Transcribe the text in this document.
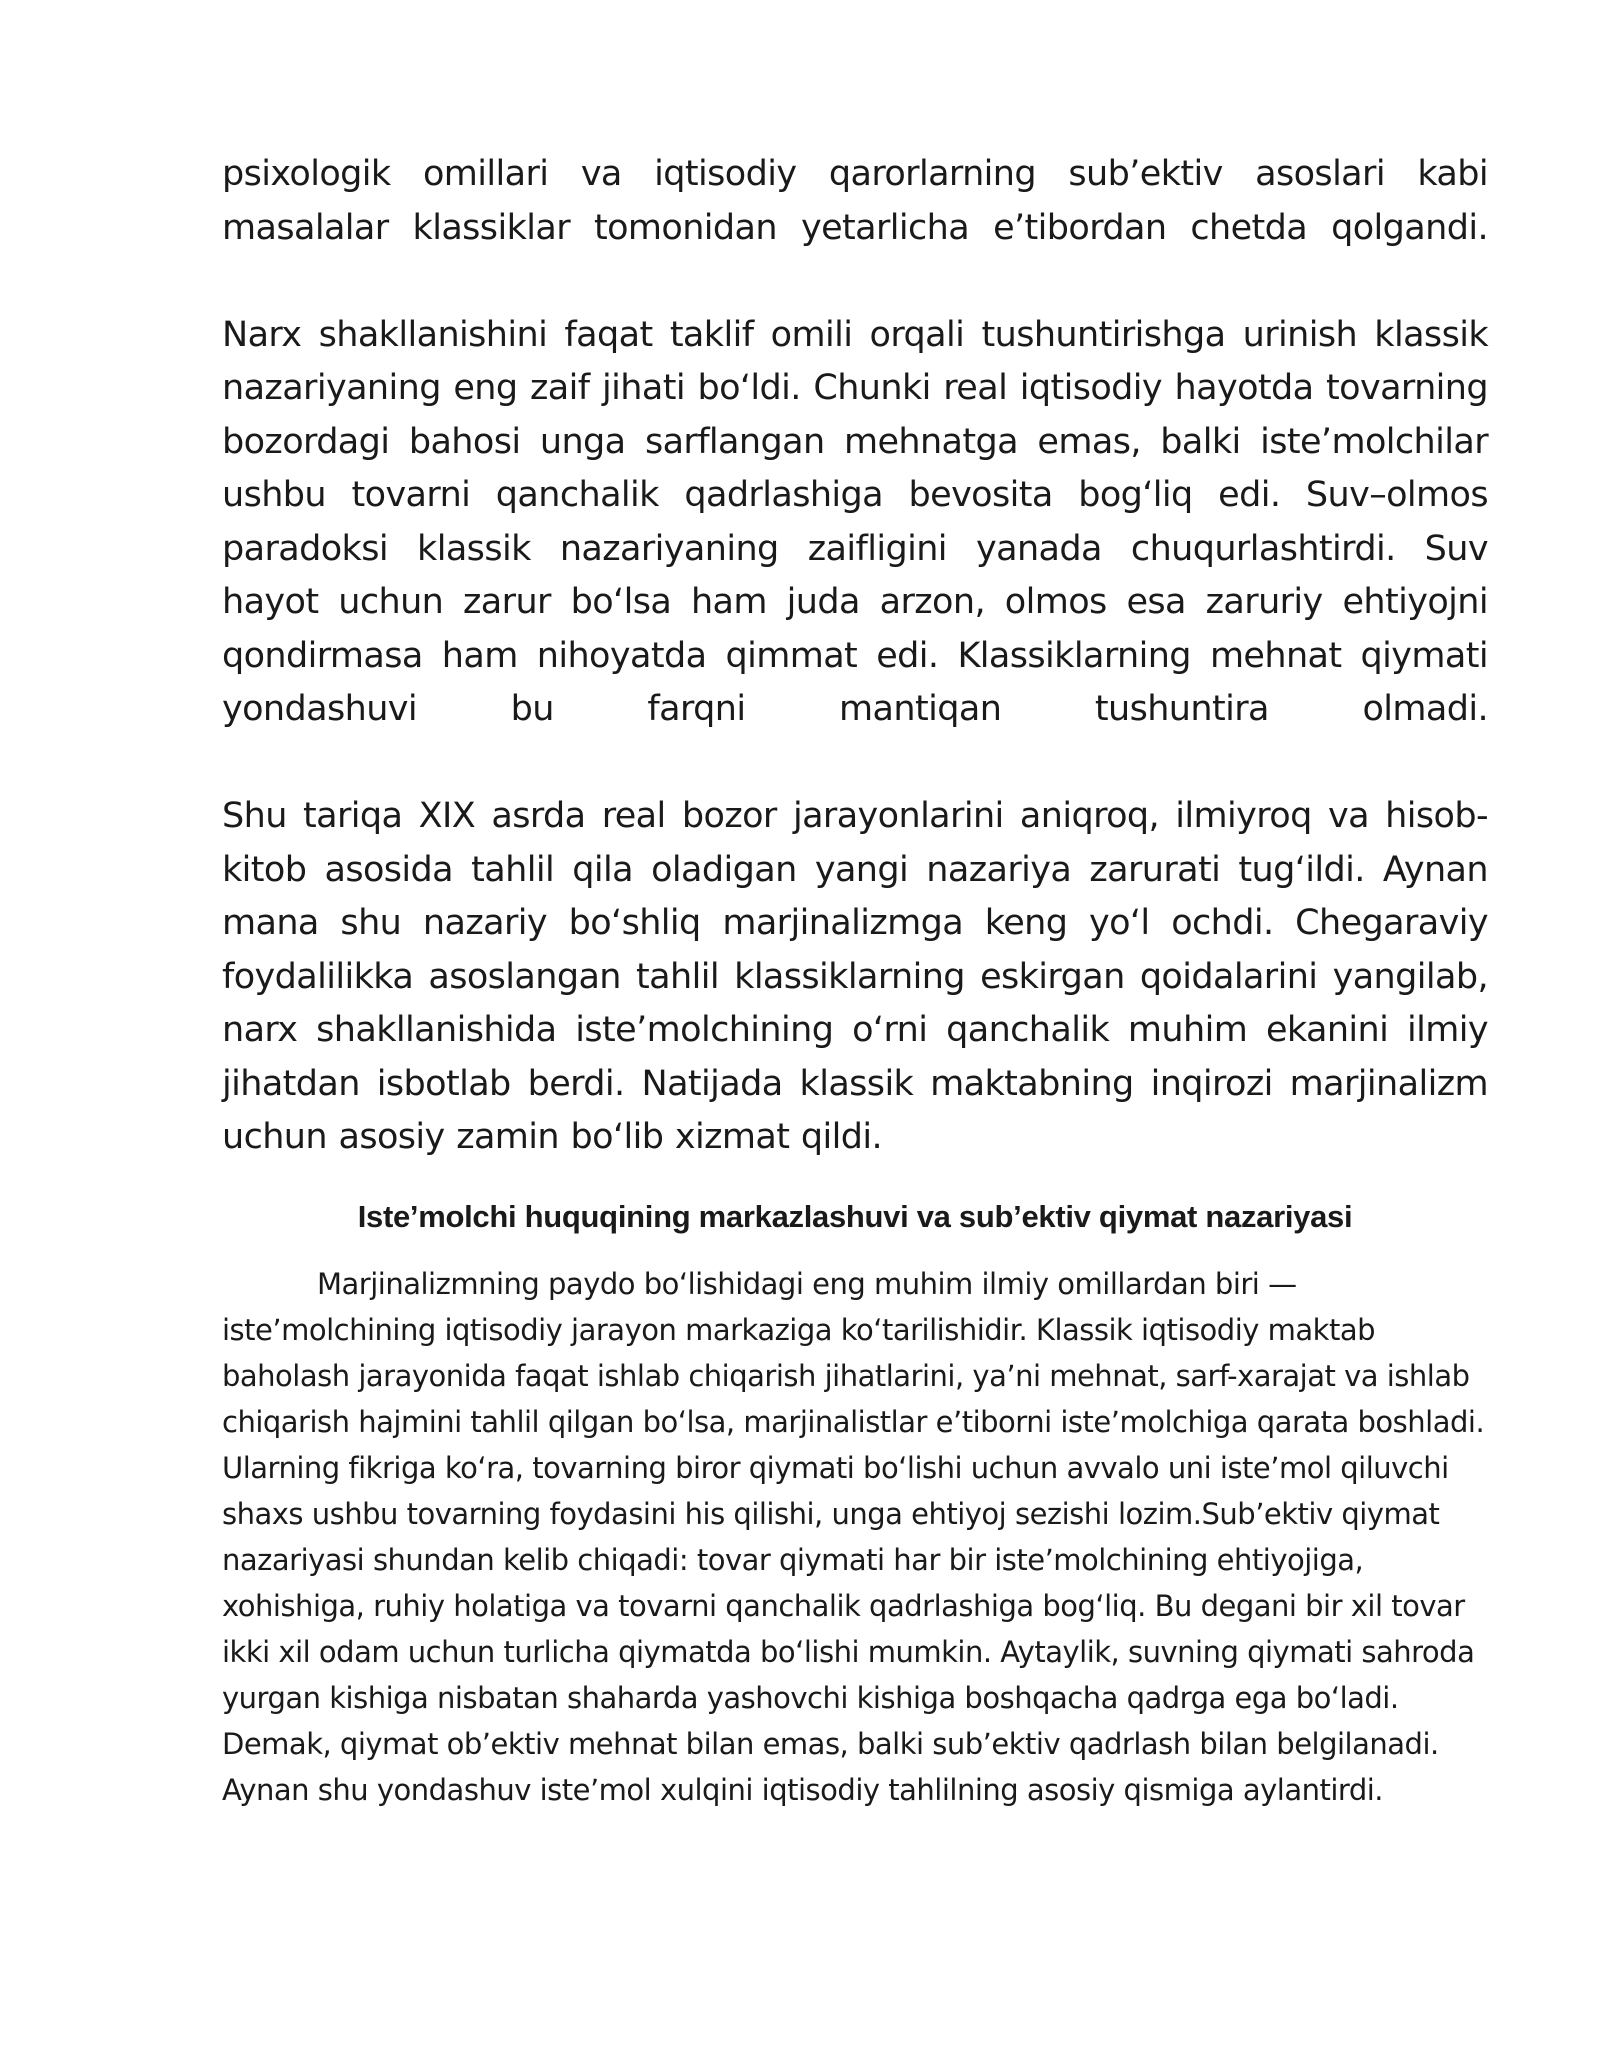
psixologik omillari va iqtisodiy qarorlarning sub’ektiv asoslari kabi masalalar klassiklar tomonidan yetarlicha e’tibordan chetda qolgandi.

Narx shakllanishini faqat taklif omili orqali tushuntirishga urinish klassik nazariyaning eng zaif jihati bo‘ldi. Chunki real iqtisodiy hayotda tovarning bozordagi bahosi unga sarflangan mehnatga emas, balki iste’molchilar ushbu tovarni qanchalik qadrlashiga bevosita bog‘liq edi. Suv–olmos paradoksi klassik nazariyaning zaifligini yanada chuqurlashtirdi. Suv hayot uchun zarur bo‘lsa ham juda arzon, olmos esa zaruriy ehtiyojni qondirmasa ham nihoyatda qimmat edi. Klassiklarning mehnat qiymati yondashuvi bu farqni mantiqan tushuntira olmadi.

Shu tariqa XIX asrda real bozor jarayonlarini aniqroq, ilmiyroq va hisob-kitob asosida tahlil qila oladigan yangi nazariya zarurati tug‘ildi. Aynan mana shu nazariy bo‘shliq marjinalizmga keng yo‘l ochdi. Chegaraviy foydalilikka asoslangan tahlil klassiklarning eskirgan qoidalarini yangilab, narx shakllanishida iste’molchining o‘rni qanchalik muhim ekanini ilmiy jihatdan isbotlab berdi. Natijada klassik maktabning inqirozi marjinalizm uchun asosiy zamin bo‘lib xizmat qildi.

Iste’molchi huquqining markazlashuvi va sub’ektiv qiymat nazariyasi

Marjinalizmning paydo bo‘lishidagi eng muhim ilmiy omillardan biri — iste’molchining iqtisodiy jarayon markaziga ko‘tarilishidir. Klassik iqtisodiy maktab baholash jarayonida faqat ishlab chiqarish jihatlarini, ya’ni mehnat, sarf-xarajat va ishlab chiqarish hajmini tahlil qilgan bo‘lsa, marjinalistlar e’tiborni iste’molchiga qarata boshladi. Ularning fikriga ko‘ra, tovarning biror qiymati bo‘lishi uchun avvalo uni iste’mol qiluvchi shaxs ushbu tovarning foydasini his qilishi, unga ehtiyoj sezishi lozim.Sub’ektiv qiymat nazariyasi shundan kelib chiqadi: tovar qiymati har bir iste’molchining ehtiyojiga, xohishiga, ruhiy holatiga va tovarni qanchalik qadrlashiga bog‘liq. Bu degani bir xil tovar ikki xil odam uchun turlicha qiymatda bo‘lishi mumkin. Aytaylik, suvning qiymati sahroda yurgan kishiga nisbatan shaharda yashovchi kishiga boshqacha qadrga ega bo‘ladi. Demak, qiymat ob’ektiv mehnat bilan emas, balki sub’ektiv qadrlash bilan belgilanadi. Aynan shu yondashuv iste’mol xulqini iqtisodiy tahlilning asosiy qismiga aylantirdi.
